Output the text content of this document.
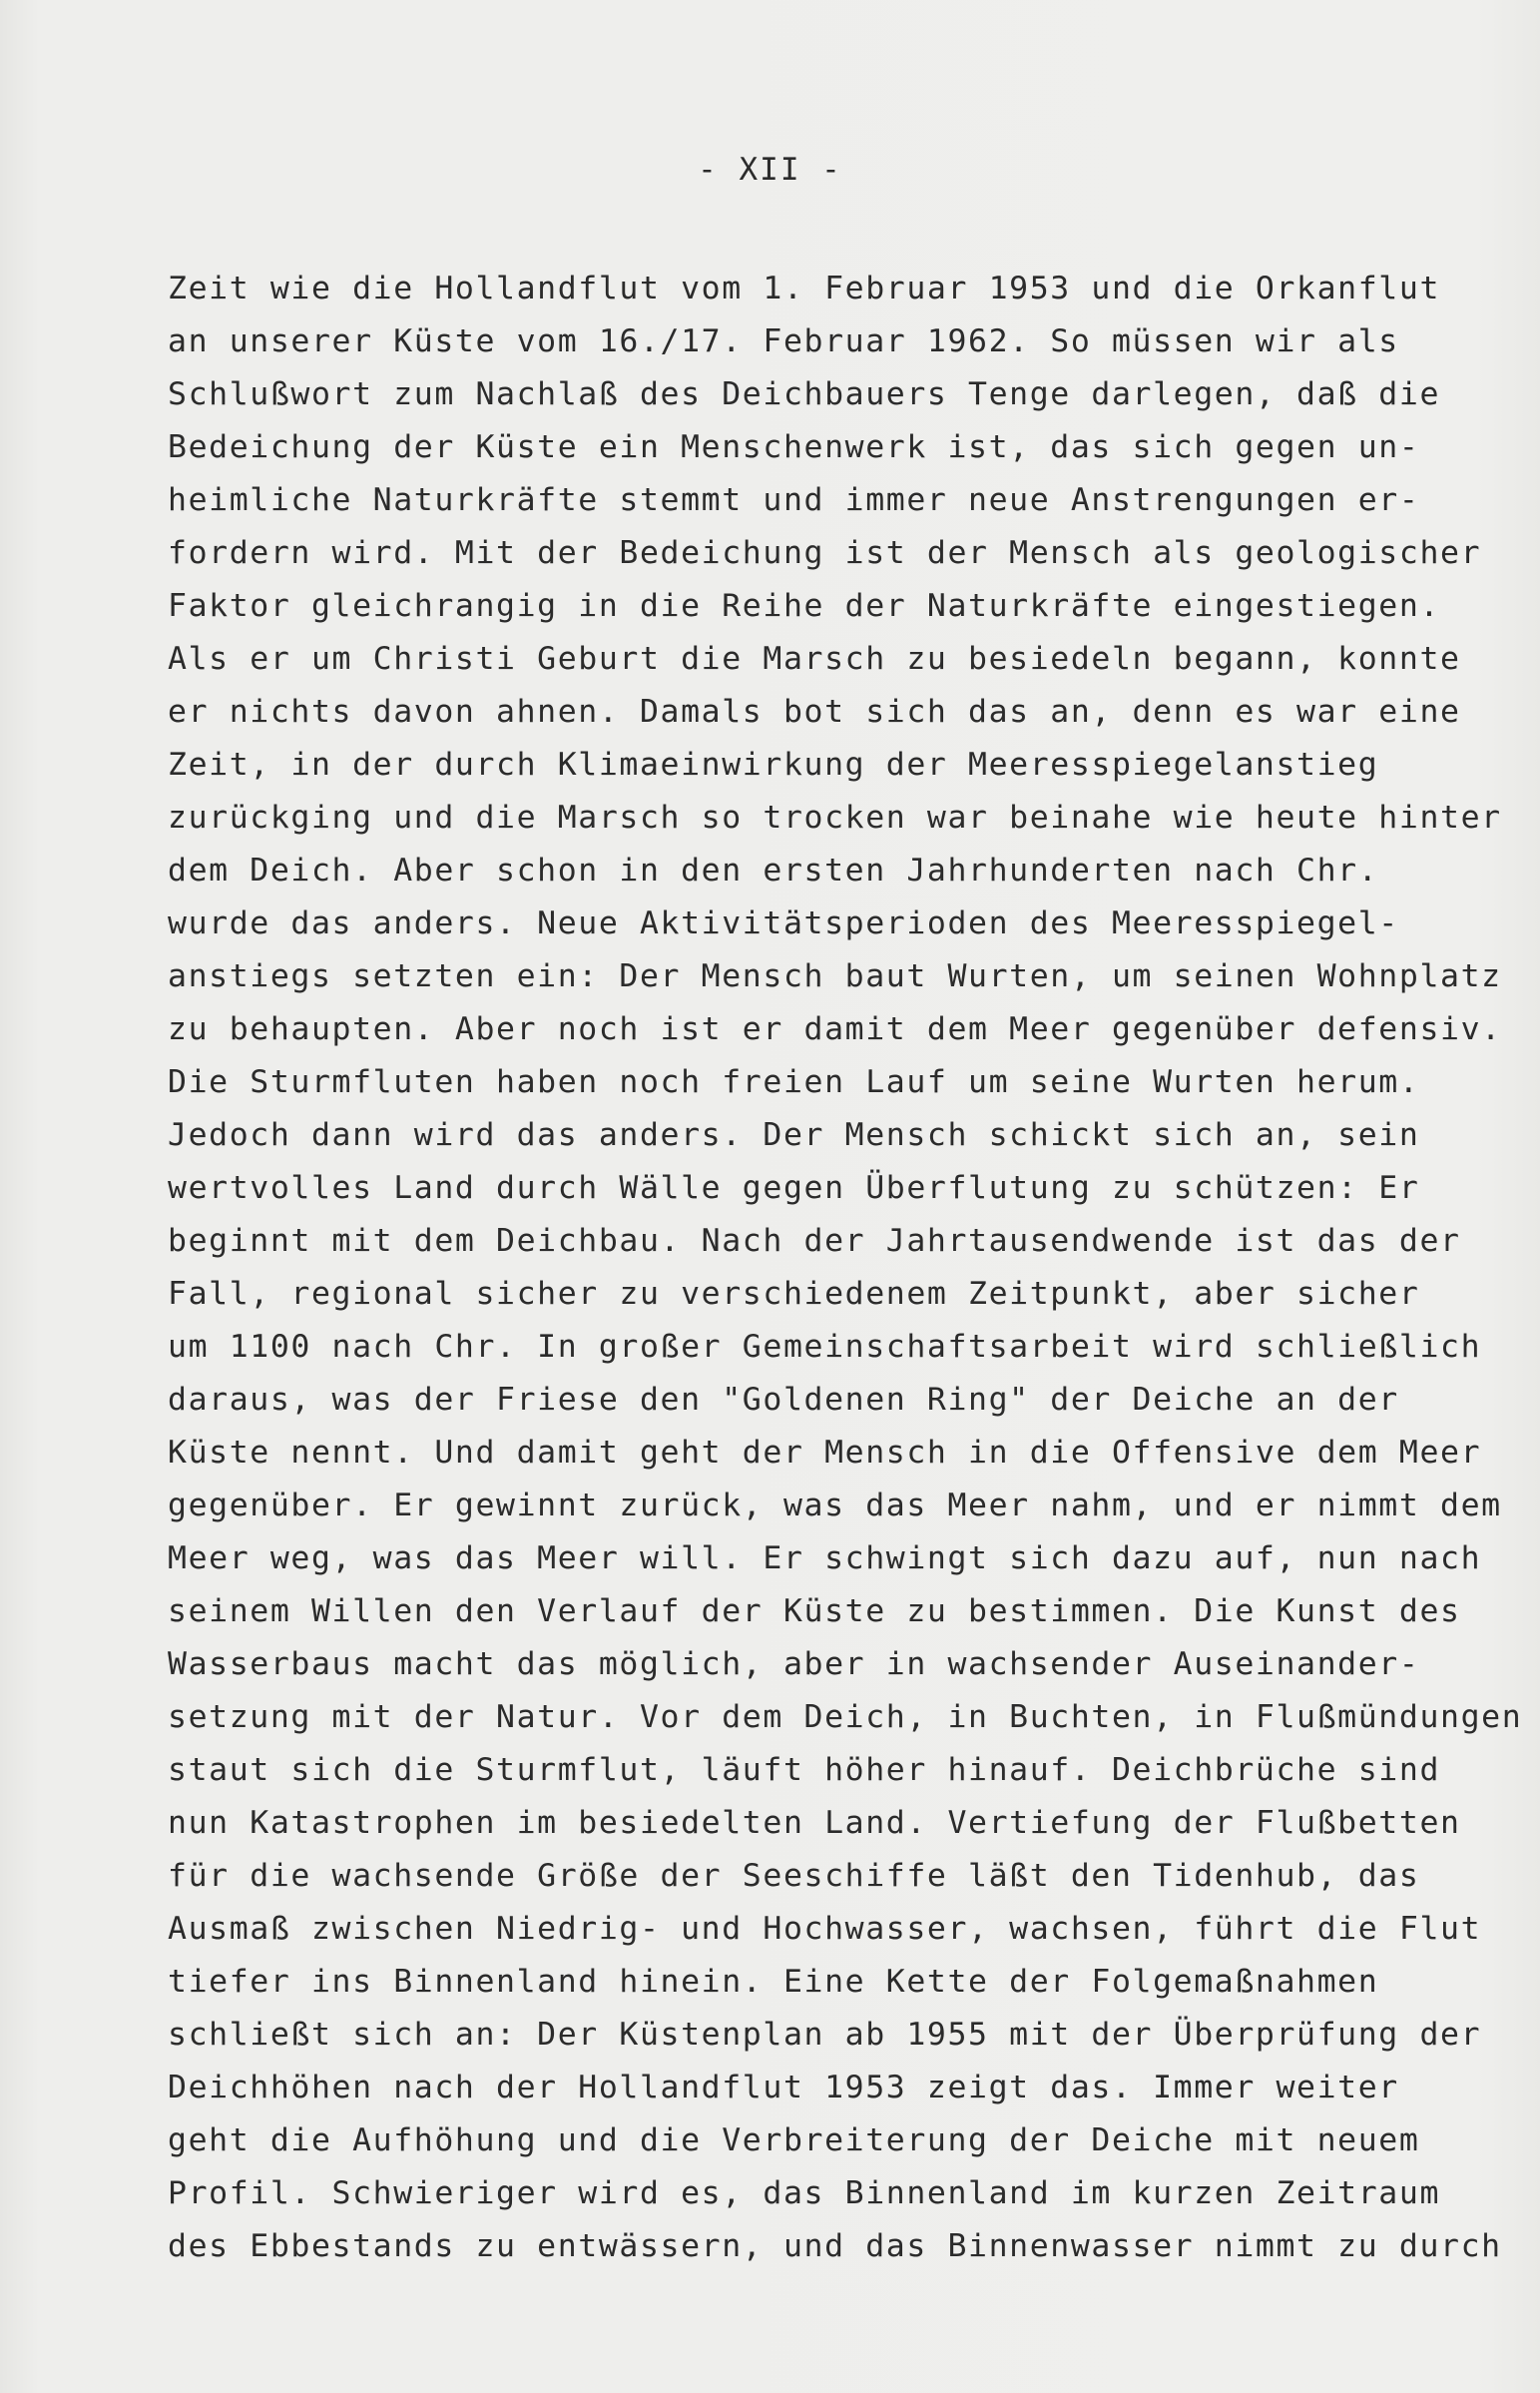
- XII -
Zeit wie die Hollandflut vom 1. Februar 1953 und die Orkanflut
an unserer Küste vom 16./17. Februar 1962. So müssen wir als
Schlußwort zum Nachlaß des Deichbauers Tenge darlegen, daß die
Bedeichung der Küste ein Menschenwerk ist, das sich gegen un-
heimliche Naturkräfte stemmt und immer neue Anstrengungen er-
fordern wird. Mit der Bedeichung ist der Mensch als geologischer
Faktor gleichrangig in die Reihe der Naturkräfte eingestiegen.
Als er um Christi Geburt die Marsch zu besiedeln begann, konnte
er nichts davon ahnen. Damals bot sich das an, denn es war eine
Zeit, in der durch Klimaeinwirkung der Meeresspiegelanstieg
zurückging und die Marsch so trocken war beinahe wie heute hinter
dem Deich. Aber schon in den ersten Jahrhunderten nach Chr.
wurde das anders. Neue Aktivitätsperioden des Meeresspiegel-
anstiegs setzten ein: Der Mensch baut Wurten, um seinen Wohnplatz
zu behaupten. Aber noch ist er damit dem Meer gegenüber defensiv.
Die Sturmfluten haben noch freien Lauf um seine Wurten herum.
Jedoch dann wird das anders. Der Mensch schickt sich an, sein
wertvolles Land durch Wälle gegen Überflutung zu schützen: Er
beginnt mit dem Deichbau. Nach der Jahrtausendwende ist das der
Fall, regional sicher zu verschiedenem Zeitpunkt, aber sicher
um 1100 nach Chr. In großer Gemeinschaftsarbeit wird schließlich
daraus, was der Friese den "Goldenen Ring" der Deiche an der
Küste nennt. Und damit geht der Mensch in die Offensive dem Meer
gegenüber. Er gewinnt zurück, was das Meer nahm, und er nimmt dem
Meer weg, was das Meer will. Er schwingt sich dazu auf, nun nach
seinem Willen den Verlauf der Küste zu bestimmen. Die Kunst des
Wasserbaus macht das möglich, aber in wachsender Auseinander-
setzung mit der Natur. Vor dem Deich, in Buchten, in Flußmündungen
staut sich die Sturmflut, läuft höher hinauf. Deichbrüche sind
nun Katastrophen im besiedelten Land. Vertiefung der Flußbetten
für die wachsende Größe der Seeschiffe läßt den Tidenhub, das
Ausmaß zwischen Niedrig- und Hochwasser, wachsen, führt die Flut
tiefer ins Binnenland hinein. Eine Kette der Folgemaßnahmen
schließt sich an: Der Küstenplan ab 1955 mit der Überprüfung der
Deichhöhen nach der Hollandflut 1953 zeigt das. Immer weiter
geht die Aufhöhung und die Verbreiterung der Deiche mit neuem
Profil. Schwieriger wird es, das Binnenland im kurzen Zeitraum
des Ebbestands zu entwässern, und das Binnenwasser nimmt zu durch
